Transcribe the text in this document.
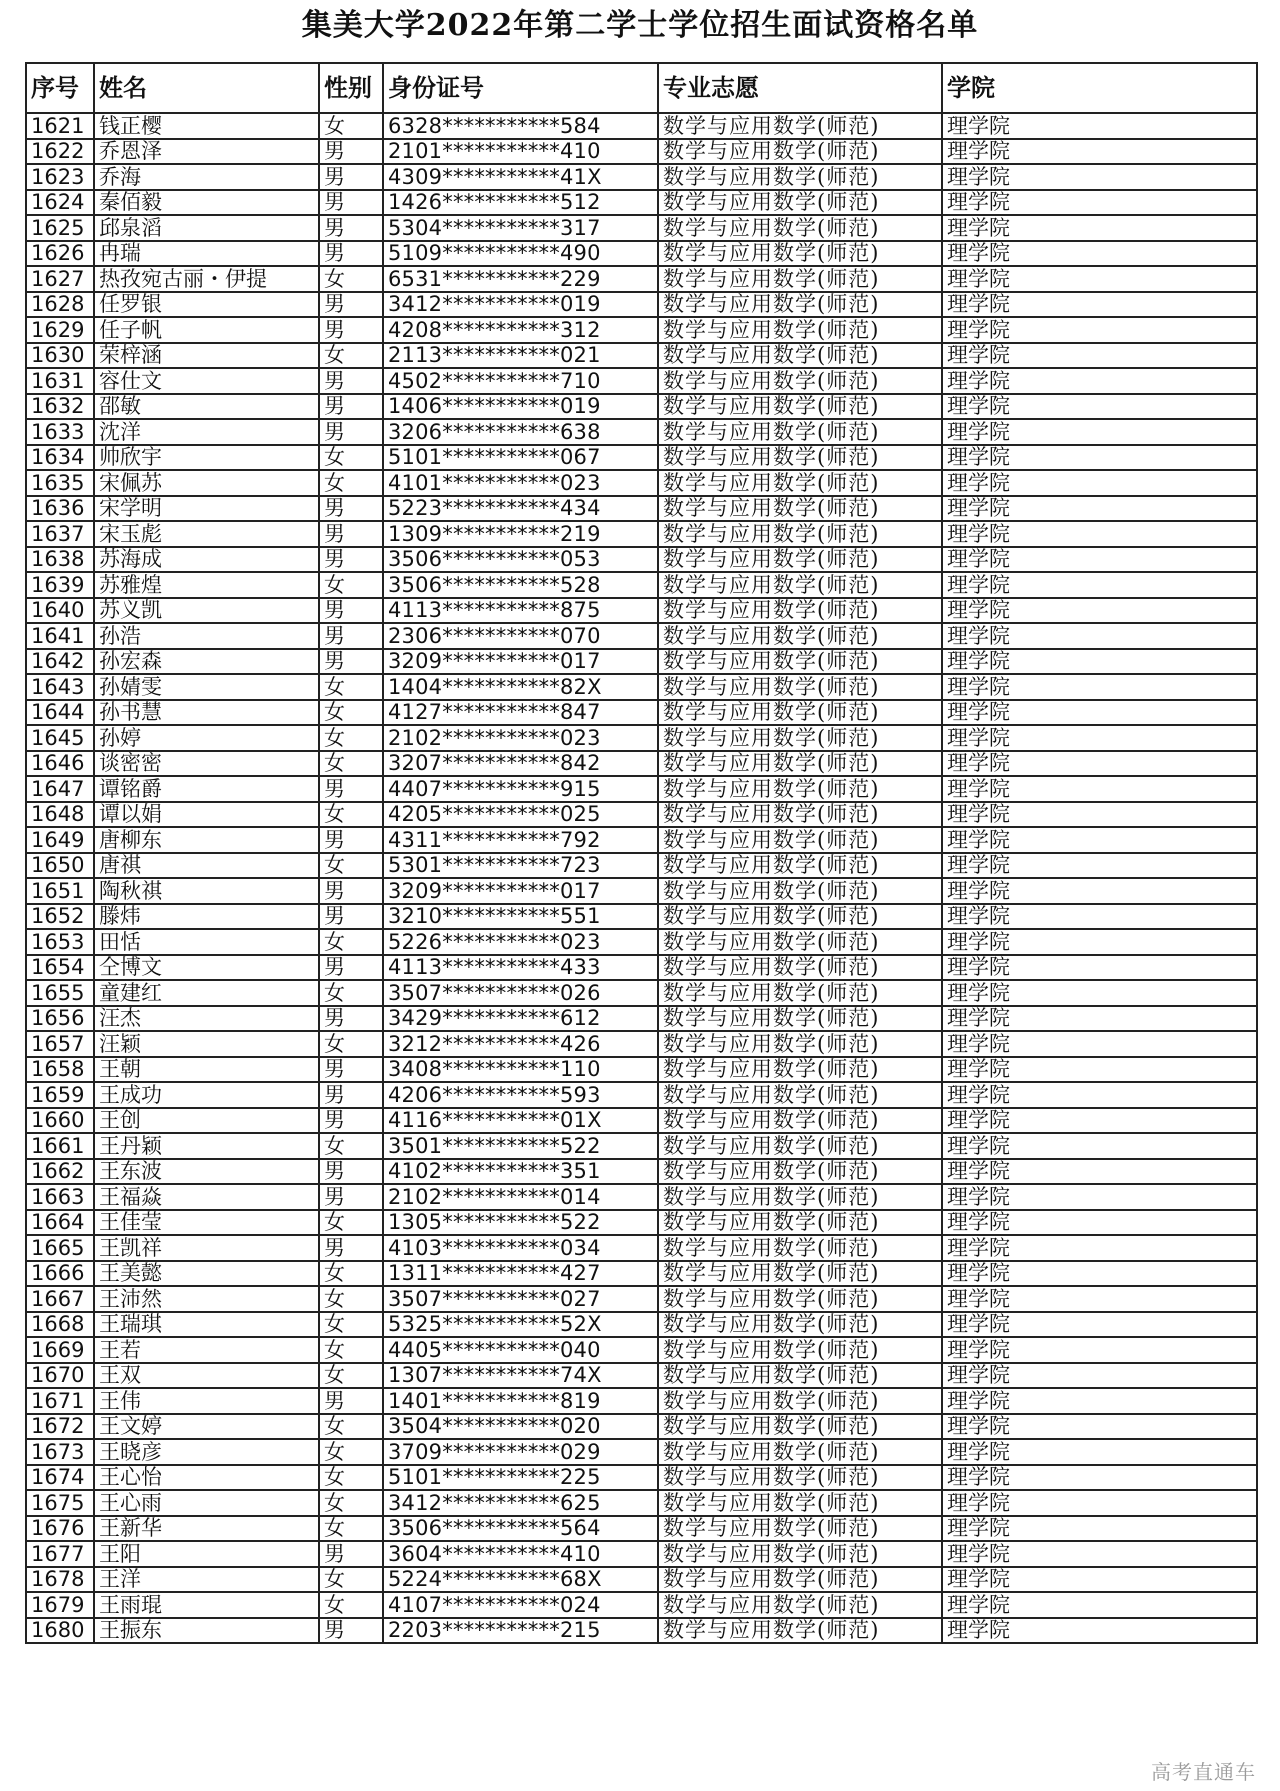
集美大学2022年第二学士学位招生面试资格名单
序号	姓名	性别	身份证号	专业志愿	学院
1621	钱正樱	女	6328***********584	数学与应用数学(师范)	理学院
1622	乔恩泽	男	2101***********410	数学与应用数学(师范)	理学院
1623	乔海	男	4309***********41X	数学与应用数学(师范)	理学院
1624	秦佰毅	男	1426***********512	数学与应用数学(师范)	理学院
1625	邱泉滔	男	5304***********317	数学与应用数学(师范)	理学院
1626	冉瑞	男	5109***********490	数学与应用数学(师范)	理学院
1627	热孜宛古丽・伊提	女	6531***********229	数学与应用数学(师范)	理学院
1628	任罗银	男	3412***********019	数学与应用数学(师范)	理学院
1629	任子帆	男	4208***********312	数学与应用数学(师范)	理学院
1630	荣梓涵	女	2113***********021	数学与应用数学(师范)	理学院
1631	容仕文	男	4502***********710	数学与应用数学(师范)	理学院
1632	邵敏	男	1406***********019	数学与应用数学(师范)	理学院
1633	沈洋	男	3206***********638	数学与应用数学(师范)	理学院
1634	帅欣宇	女	5101***********067	数学与应用数学(师范)	理学院
1635	宋佩苏	女	4101***********023	数学与应用数学(师范)	理学院
1636	宋学明	男	5223***********434	数学与应用数学(师范)	理学院
1637	宋玉彪	男	1309***********219	数学与应用数学(师范)	理学院
1638	苏海成	男	3506***********053	数学与应用数学(师范)	理学院
1639	苏雅煌	女	3506***********528	数学与应用数学(师范)	理学院
1640	苏义凯	男	4113***********875	数学与应用数学(师范)	理学院
1641	孙浩	男	2306***********070	数学与应用数学(师范)	理学院
1642	孙宏森	男	3209***********017	数学与应用数学(师范)	理学院
1643	孙婧雯	女	1404***********82X	数学与应用数学(师范)	理学院
1644	孙书慧	女	4127***********847	数学与应用数学(师范)	理学院
1645	孙婷	女	2102***********023	数学与应用数学(师范)	理学院
1646	谈密密	女	3207***********842	数学与应用数学(师范)	理学院
1647	谭铭爵	男	4407***********915	数学与应用数学(师范)	理学院
1648	谭以娟	女	4205***********025	数学与应用数学(师范)	理学院
1649	唐柳东	男	4311***********792	数学与应用数学(师范)	理学院
1650	唐祺	女	5301***********723	数学与应用数学(师范)	理学院
1651	陶秋祺	男	3209***********017	数学与应用数学(师范)	理学院
1652	滕炜	男	3210***********551	数学与应用数学(师范)	理学院
1653	田恬	女	5226***********023	数学与应用数学(师范)	理学院
1654	仝博文	男	4113***********433	数学与应用数学(师范)	理学院
1655	童建红	女	3507***********026	数学与应用数学(师范)	理学院
1656	汪杰	男	3429***********612	数学与应用数学(师范)	理学院
1657	汪颖	女	3212***********426	数学与应用数学(师范)	理学院
1658	王朝	男	3408***********110	数学与应用数学(师范)	理学院
1659	王成功	男	4206***********593	数学与应用数学(师范)	理学院
1660	王创	男	4116***********01X	数学与应用数学(师范)	理学院
1661	王丹颖	女	3501***********522	数学与应用数学(师范)	理学院
1662	王东波	男	4102***********351	数学与应用数学(师范)	理学院
1663	王福焱	男	2102***********014	数学与应用数学(师范)	理学院
1664	王佳莹	女	1305***********522	数学与应用数学(师范)	理学院
1665	王凯祥	男	4103***********034	数学与应用数学(师范)	理学院
1666	王美懿	女	1311***********427	数学与应用数学(师范)	理学院
1667	王沛然	女	3507***********027	数学与应用数学(师范)	理学院
1668	王瑞琪	女	5325***********52X	数学与应用数学(师范)	理学院
1669	王若	女	4405***********040	数学与应用数学(师范)	理学院
1670	王双	女	1307***********74X	数学与应用数学(师范)	理学院
1671	王伟	男	1401***********819	数学与应用数学(师范)	理学院
1672	王文婷	女	3504***********020	数学与应用数学(师范)	理学院
1673	王晓彦	女	3709***********029	数学与应用数学(师范)	理学院
1674	王心怡	女	5101***********225	数学与应用数学(师范)	理学院
1675	王心雨	女	3412***********625	数学与应用数学(师范)	理学院
1676	王新华	女	3506***********564	数学与应用数学(师范)	理学院
1677	王阳	男	3604***********410	数学与应用数学(师范)	理学院
1678	王洋	女	5224***********68X	数学与应用数学(师范)	理学院
1679	王雨琨	女	4107***********024	数学与应用数学(师范)	理学院
1680	王振东	男	2203***********215	数学与应用数学(师范)	理学院
高考直通车
